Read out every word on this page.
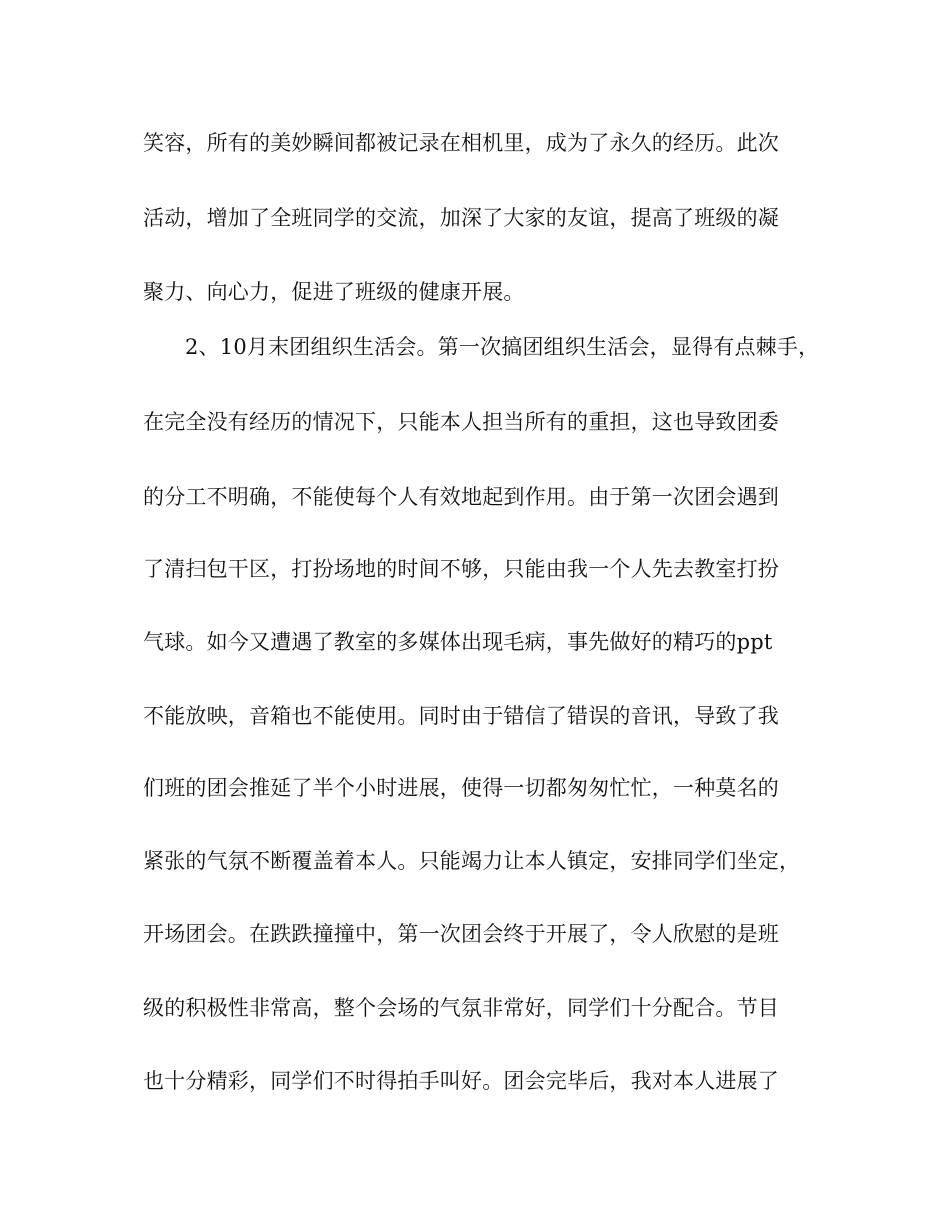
笑容，所有的美妙瞬间都被记录在相机里，成为了永久的经历。此次
活动，增加了全班同学的交流，加深了大家的友谊，提高了班级的凝
聚力、向心力，促进了班级的健康开展。
2、10月末团组织生活会。第一次搞团组织生活会，显得有点棘手，
在完全没有经历的情况下，只能本人担当所有的重担，这也导致团委
的分工不明确，不能使每个人有效地起到作用。由于第一次团会遇到
了清扫包干区，打扮场地的时间不够，只能由我一个人先去教室打扮
气球。如今又遭遇了教室的多媒体出现毛病，事先做好的精巧的ppt
不能放映，音箱也不能使用。同时由于错信了错误的音讯，导致了我
们班的团会推延了半个小时进展，使得一切都匆匆忙忙，一种莫名的
紧张的气氛不断覆盖着本人。只能竭力让本人镇定，安排同学们坐定，
开场团会。在跌跌撞撞中，第一次团会终于开展了，令人欣慰的是班
级的积极性非常高，整个会场的气氛非常好，同学们十分配合。节目
也十分精彩，同学们不时得拍手叫好。团会完毕后，我对本人进展了
